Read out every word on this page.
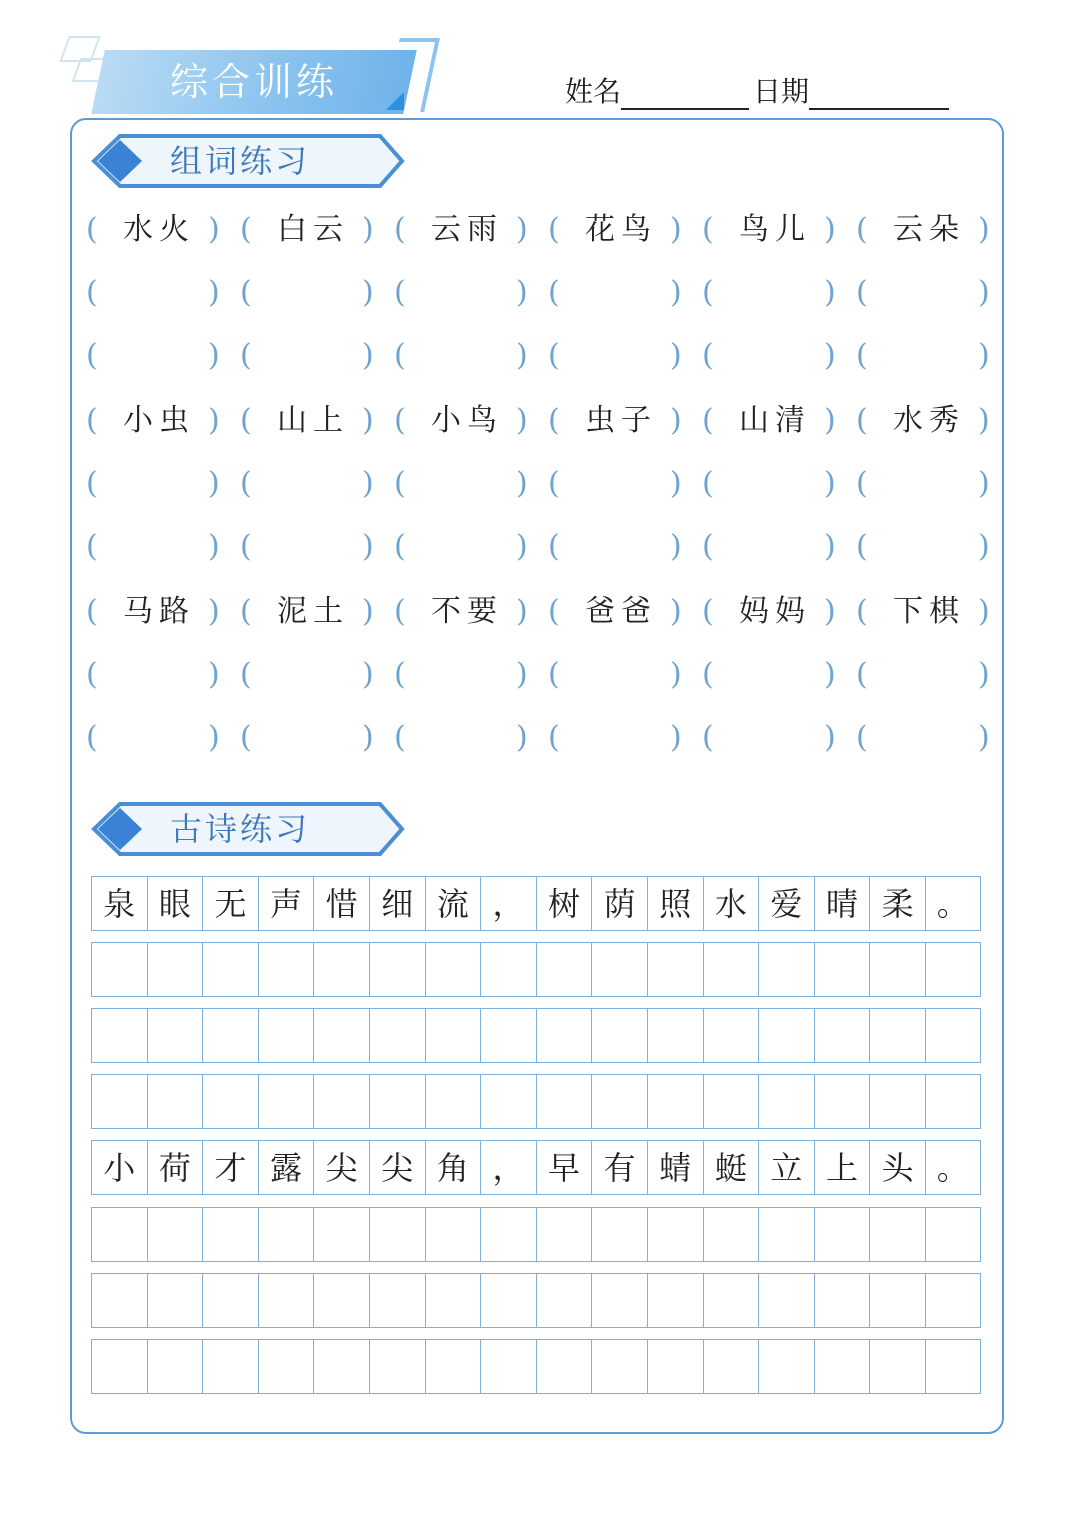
综合训练	姓名	日期
组词练习
( 水火 ) ( 白云 ) ( 云雨 ) ( 花鸟 ) ( 鸟儿 ) ( 云朵 )
(	) (	) (	) (	) (	) (	)
(	) (	) (	) (	) (	) (	)
( 小虫 ) ( 山上 ) ( 小鸟 ) ( 虫子 ) ( 山清 ) ( 水秀 )
(	) (	) (	) (	) (	) (	)
(	) (	) (	) (	) (	) (	)
( 马路 ) ( 泥土 ) ( 不要 ) ( 爸爸 ) ( 妈妈 ) ( 下棋 )
(	) (	) (	) (	) (	) (	)
(	) (	) (	) (	) (	) (	)
古诗练习
泉 眼 无 声 惜 细 流 ， 树 荫 照 水 爱 晴 柔 。
小 荷 才 露 尖 尖 角 ， 早 有 蜻 蜓 立 上 头 。
